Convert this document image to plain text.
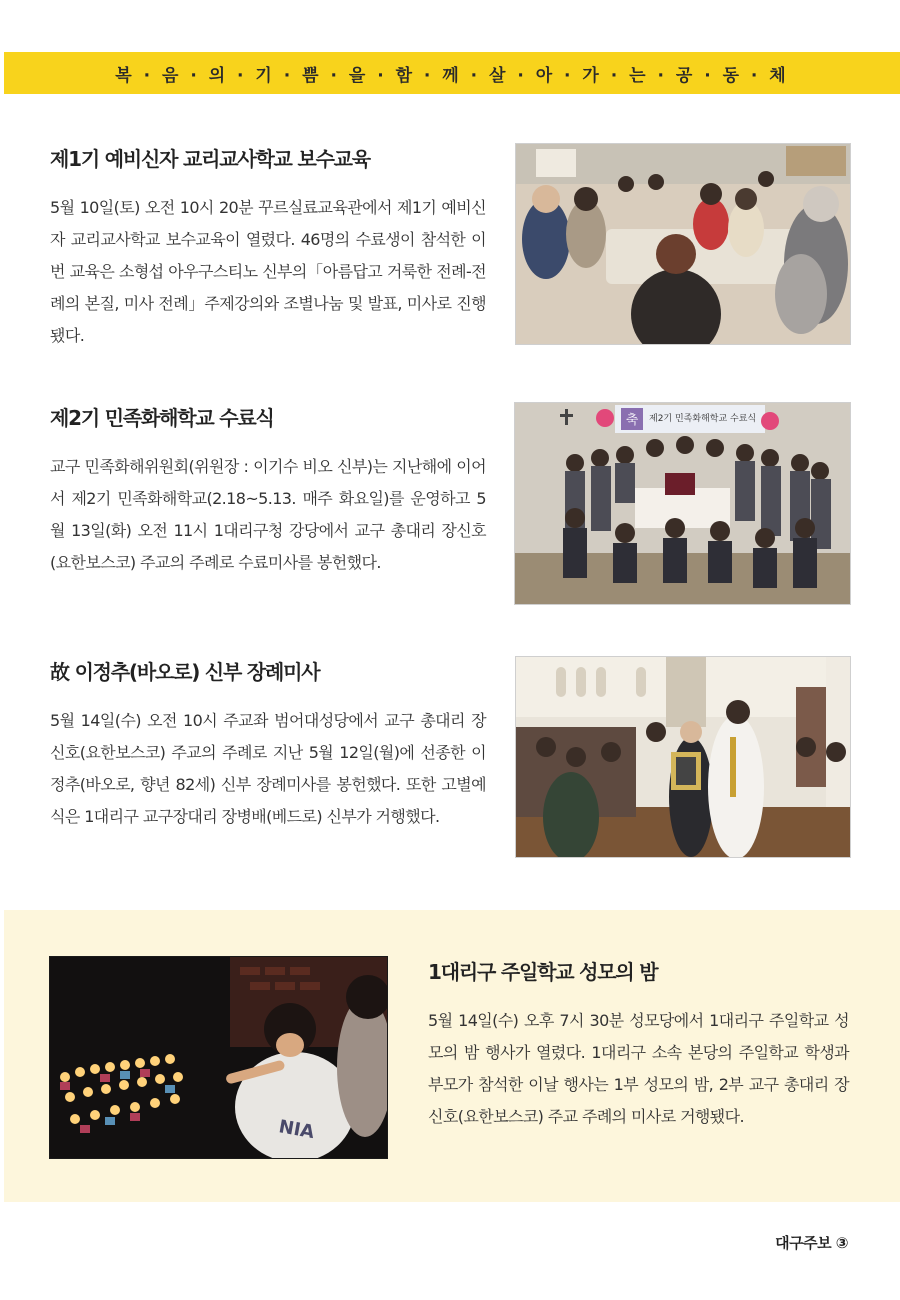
복 · 음 · 의 · 기 · 쁨 · 을 · 함 · 께 · 살 · 아 · 가 · 는 · 공 · 동 · 체
제1기 예비신자 교리교사학교 보수교육

5월 10일(토) 오전 10시 20분 꾸르실료교육관에서 제1기 예비신자 교리교사학교 보수교육이 열렸다. 46명의 수료생이 참석한 이번 교육은 소형섭 아우구스티노 신부의「아름답고 거룩한 전례-전례의 본질, 미사 전례」주제강의와 조별나눔 및 발표, 미사로 진행됐다.

제2기 민족화해학교 수료식

교구 민족화해위원회(위원장 : 이기수 비오 신부)는 지난해에 이어서 제2기 민족화해학교(2.18~5.13. 매주 화요일)를 운영하고 5월 13일(화) 오전 11시 1대리구청 강당에서 교구 총대리 장신호(요한보스코) 주교의 주례로 수료미사를 봉헌했다.

축 제2기 민족화해학교 수료식
故 이정추(바오로) 신부 장례미사

5월 14일(수) 오전 10시 주교좌 범어대성당에서 교구 총대리 장신호(요한보스코) 주교의 주례로 지난 5월 12일(월)에 선종한 이정추(바오로, 향년 82세) 신부 장례미사를 봉헌했다. 또한 고별예식은 1대리구 교구장대리 장병배(베드로) 신부가 거행했다.

NIA
1대리구 주일학교 성모의 밤

5월 14일(수) 오후 7시 30분 성모당에서 1대리구 주일학교 성모의 밤 행사가 열렸다. 1대리구 소속 본당의 주일학교 학생과 부모가 참석한 이날 행사는 1부 성모의 밤, 2부 교구 총대리 장신호(요한보스코) 주교 주례의 미사로 거행됐다.

대구주보 ③
